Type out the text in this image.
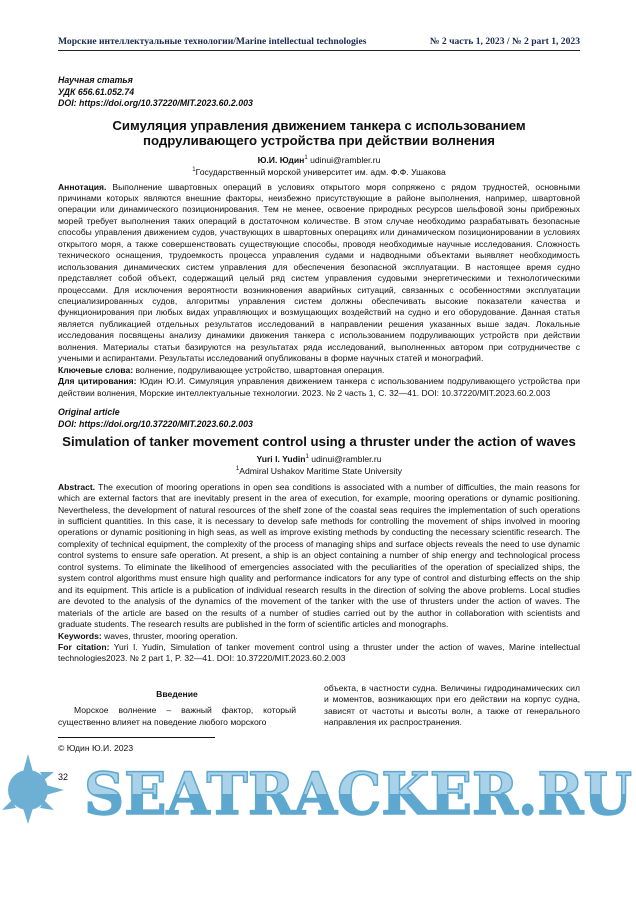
Морские интеллектуальные технологии/Marine intellectual technologies	№ 2 часть 1, 2023 / № 2 part 1, 2023
Научная статья
УДК 656.61.052.74
DOI: https://doi.org/10.37220/MIT.2023.60.2.003
Симуляция управления движением танкера с использованием
подруливающего устройства при действии волнения
Ю.И. Юдин$^1$ udinui@rambler.ru
$^1$Государственный морской университет им. адм. Ф.Ф. Ушакова
Аннотация. Выполнение швартовных операций в условиях открытого моря сопряжено с рядом трудностей, основными причинами которых являются внешние факторы, неизбежно присутствующие в районе выполнения, например, швартовной операции или динамического позиционирования. Тем не менее, освоение природных ресурсов шельфовой зоны прибрежных морей требует выполнения таких операций в достаточном количестве. В этом случае необходимо разрабатывать безопасные способы управления движением судов, участвующих в швартовных операциях или динамическом позиционировании в условиях открытого моря, а также совершенствовать существующие способы, проводя необходимые научные исследования. Сложность технического оснащения, трудоемкость процесса управления судами и надводными объектами выявляет необходимость использования динамических систем управления для обеспечения безопасной эксплуатации. В настоящее время судно представляет собой объект, содержащий целый ряд систем управления судовыми энергетическими и технологическими процессами. Для исключения вероятности возникновения аварийных ситуаций, связанных с особенностями эксплуатации специализированных судов, алгоритмы управления систем должны обеспечивать высокие показатели качества и функционирования при любых видах управляющих и возмущающих воздействий на судно и его оборудование. Данная статья является публикацией отдельных результатов исследований в направлении решения указанных выше задач. Локальные исследования посвящены анализу динамики движения танкера с использованием подруливающих устройств при действии волнения. Материалы статьи базируются на результатах ряда исследований, выполненных автором при сотрудничестве с учеными и аспирантами. Результаты исследований опубликованы в форме научных статей и монографий.
Ключевые слова: волнение, подруливающее устройство, швартовная операция.
Для цитирования: Юдин Ю.И. Симуляция управления движением танкера с использованием подруливающего устройства при действии волнения, Морские интеллектуальные технологии. 2023. № 2 часть 1, С. 32—41. DOI: 10.37220/MIT.2023.60.2.003
Original article
DOI: https://doi.org/10.37220/MIT.2023.60.2.003
Simulation of tanker movement control using a thruster under the action of waves
Yuri I. Yudin$^1$ udinui@rambler.ru
$^1$Admiral Ushakov Maritime State University
Abstract. The execution of mooring operations in open sea conditions is associated with a number of difficulties, the main reasons for which are external factors that are inevitably present in the area of execution, for example, mooring operations or dynamic positioning. Nevertheless, the development of natural resources of the shelf zone of the coastal seas requires the implementation of such operations in sufficient quantities. In this case, it is necessary to develop safe methods for controlling the movement of ships involved in mooring operations or dynamic positioning in high seas, as well as improve existing methods by conducting the necessary scientific research. The complexity of technical equipment, the complexity of the process of managing ships and surface objects reveals the need to use dynamic control systems to ensure safe operation. At present, a ship is an object containing a number of ship energy and technological process control systems. To eliminate the likelihood of emergencies associated with the peculiarities of the operation of specialized ships, the system control algorithms must ensure high quality and performance indicators for any type of control and disturbing effects on the ship and its equipment. This article is a publication of individual research results in the direction of solving the above problems. Local studies are devoted to the analysis of the dynamics of the movement of the tanker with the use of thrusters under the action of waves. The materials of the article are based on the results of a number of studies carried out by the author in collaboration with scientists and graduate students. The research results are published in the form of scientific articles and monographs.
Keywords: waves, thruster, mooring operation.
For citation: Yuri I. Yudin, Simulation of tanker movement control using a thruster under the action of waves, Marine intellectual technologies2023. № 2 part 1, P. 32—41. DOI: 10.37220/MIT.2023.60.2.003
Введение
Морское волнение – важный фактор, который существенно влияет на поведение любого морского
объекта, в частности судна. Величины гидродинамических сил и моментов, возникающих при его действии на корпус судна, зависят от частоты и высоты волн, а также от генерального направления их распространения.
© Юдин Ю.И. 2023
SEATRACKER.RU
32
